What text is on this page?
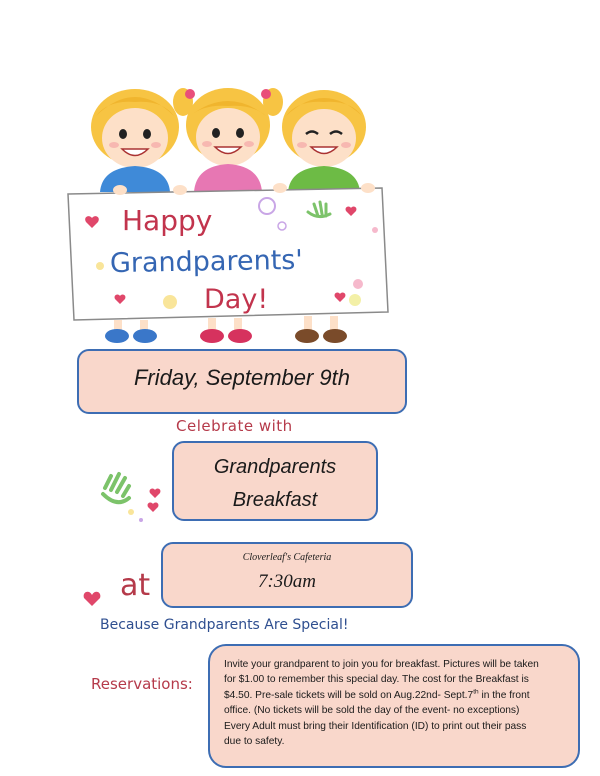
Happy
Grandparents'
Day!
Friday, September 9th
Celebrate with
Grandparents
Breakfast
at
Cloverleaf's Cafeteria
7:30am
Because Grandparents Are Special!
Reservations:
Invite your grandparent to join you for breakfast. Pictures will be taken
for $1.00 to remember this special day. The cost for the Breakfast is
$4.50. Pre-sale tickets will be sold on Aug.22nd- Sept.7th in the front
office. (No tickets will be sold the day of the event- no exceptions)
Every Adult must bring their Identification (ID) to print out their pass
due to safety.
